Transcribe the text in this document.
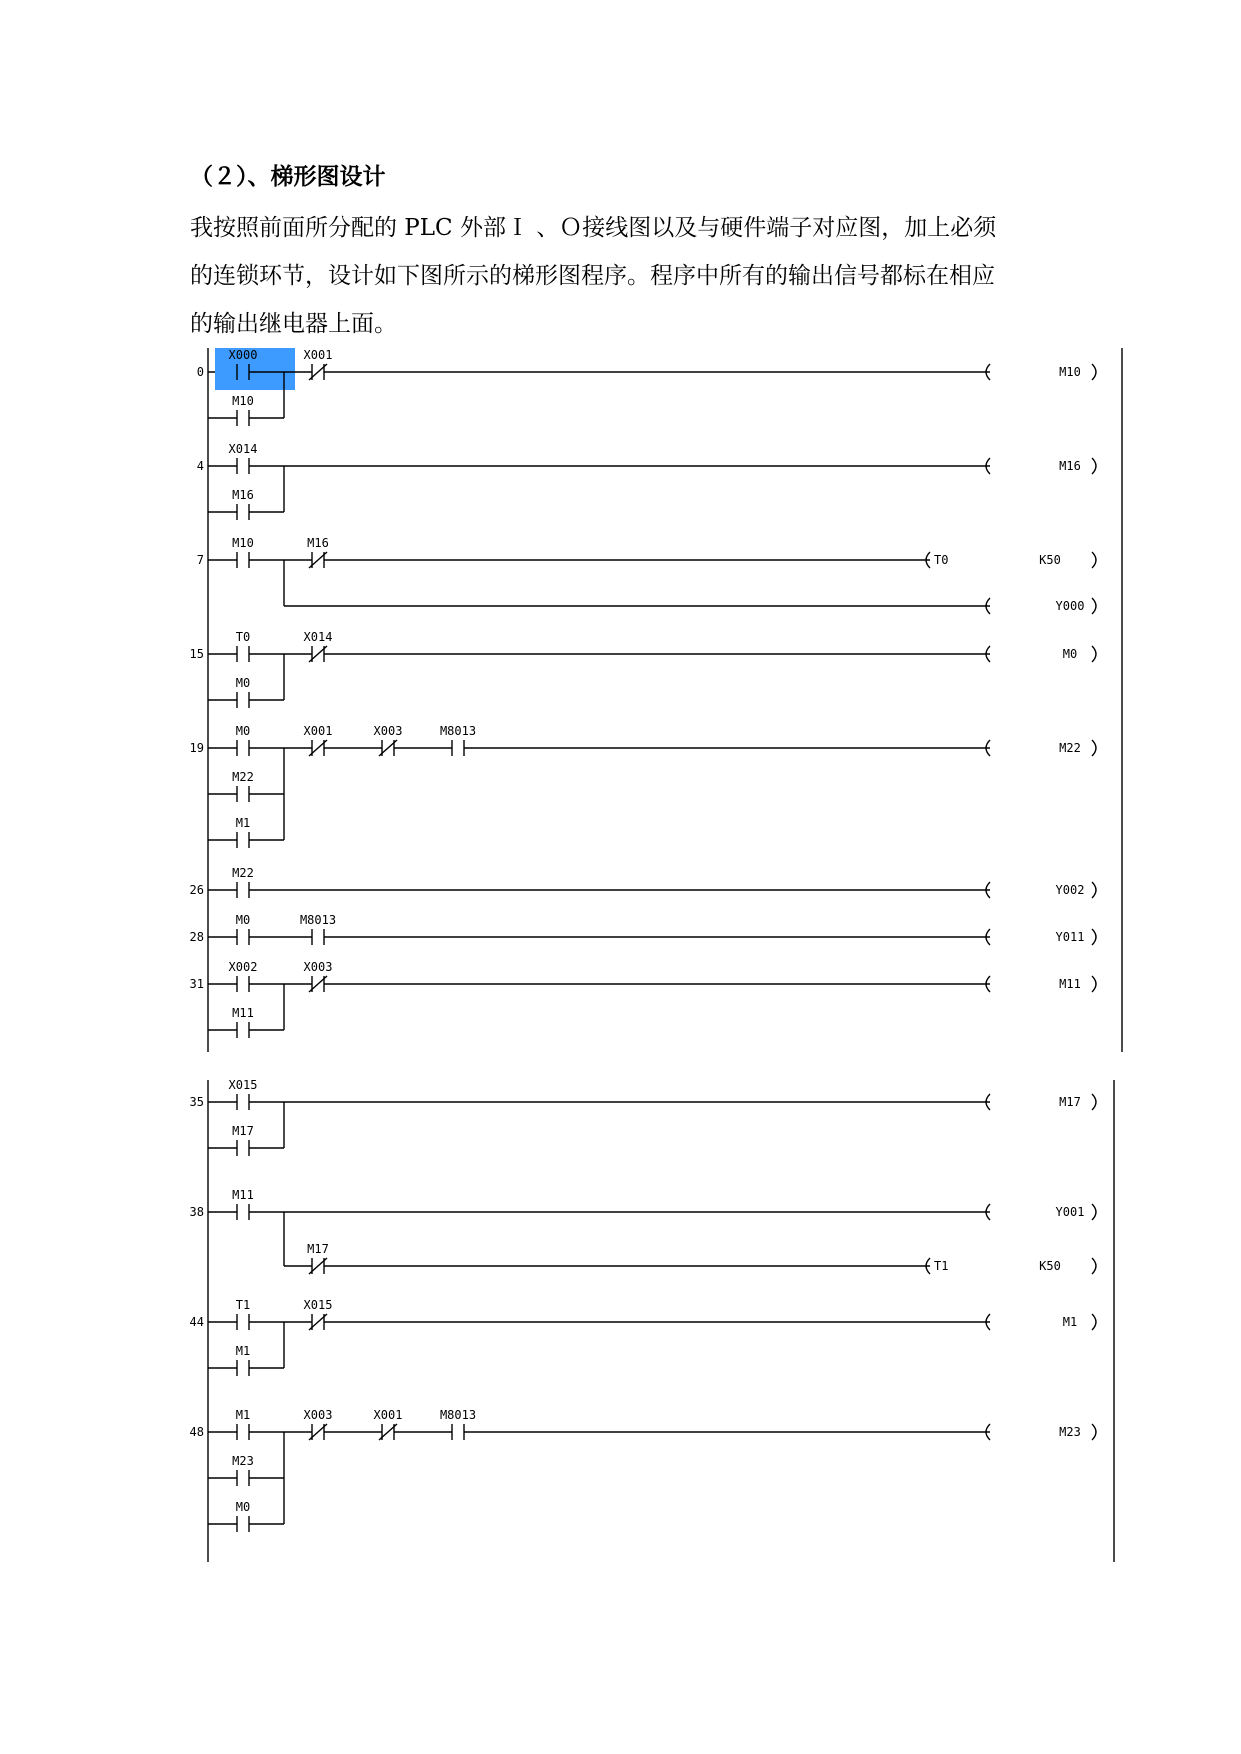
（２）、梯形图设计
我按照前面所分配的 PLC 外部Ｉ 、Ｏ接线图以及与硬件端子对应图，加上必须
的连锁环节，设计如下图所示的梯形图程序。程序中所有的输出信号都标在相应
的输出继电器上面。
0
X000	X001
M10
M10
4
X014
M16
M16
7
M10	M16
T0	K50
Y000
15
T0	X014
M0
M0
19
M0	X001	X003	M8013
M22
M22
M1
26
M22
Y002
28
M0	M8013
Y011
31
X002	X003
M11
M11
35
X015
M17
M17
38
M11
Y001
M17
T1	K50
44
T1	X015
M1
M1
48
M1	X003	X001	M8013
M23
M23
M0
